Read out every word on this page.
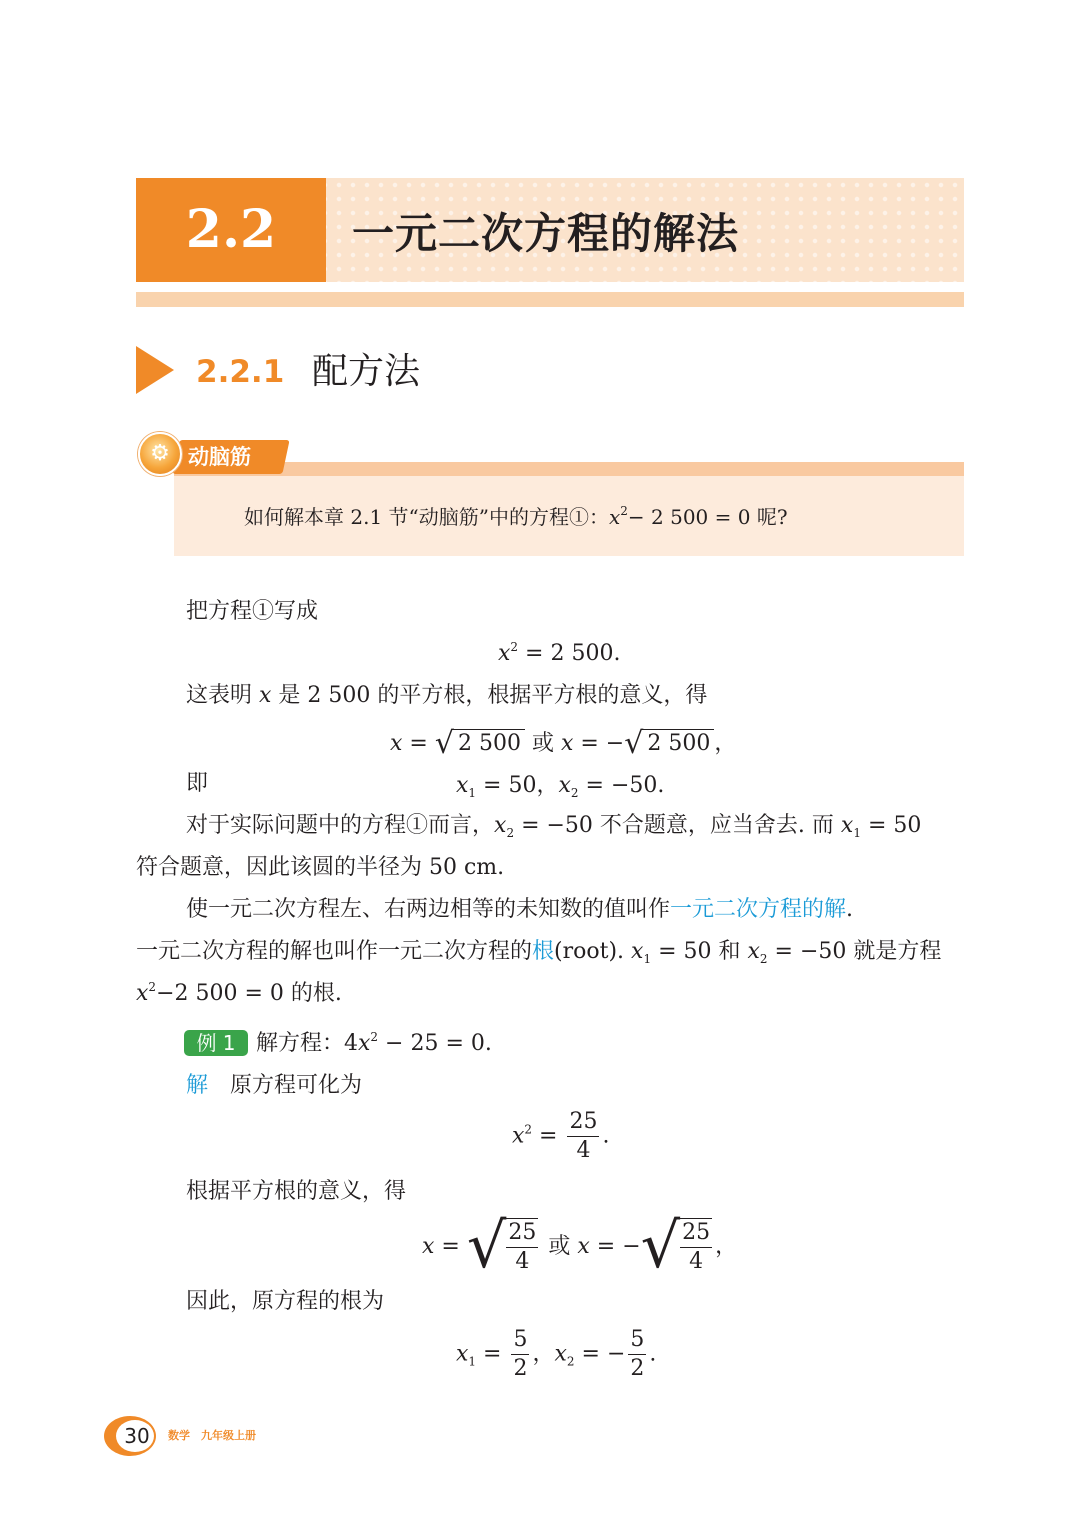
2.2	一元二次方程的解法
2.2.1 配方法
动脑筋
⚙
如何解本章 2.1 节“动脑筋”中的方程①：$x^2- 2$ 500 = 0 呢?
把方程①写成
$x^2 = 2$ 500.
这表明 x 是 2 500 的平方根，根据平方根的意义，得
x = √ 2 500 或 x = −√ 2 500 ，
即	$x_1 = 50$，$x_2 = -50$.
对于实际问题中的方程①而言，$x_2 = -50$ 不合题意，应当舍去. 而 $x_1 = 50$
符合题意，因此该圆的半径为 50 cm.
使一元二次方程左、右两边相等的未知数的值叫作一元二次方程的解.
一元二次方程的解也叫作一元二次方程的根(root). $x_1 = 50$ 和 $x_2 = -50$ 就是方程
$x^2-2$ 500 = 0 的根.
例 1 解方程：$4x^2 - 25 = 0$.
解　 原方程可化为
$x^2 = \frac{25}{4}$ .
根据平方根的意义，得
x = √ $\frac{25}{4}$ 或 x = −√ $\frac{25}{4}$ ，
因此，原方程的根为
$x_1 = \frac{5}{2}$ ，$x_2$ = − $\frac{5}{2}$ .
30	数学　九年级上册
